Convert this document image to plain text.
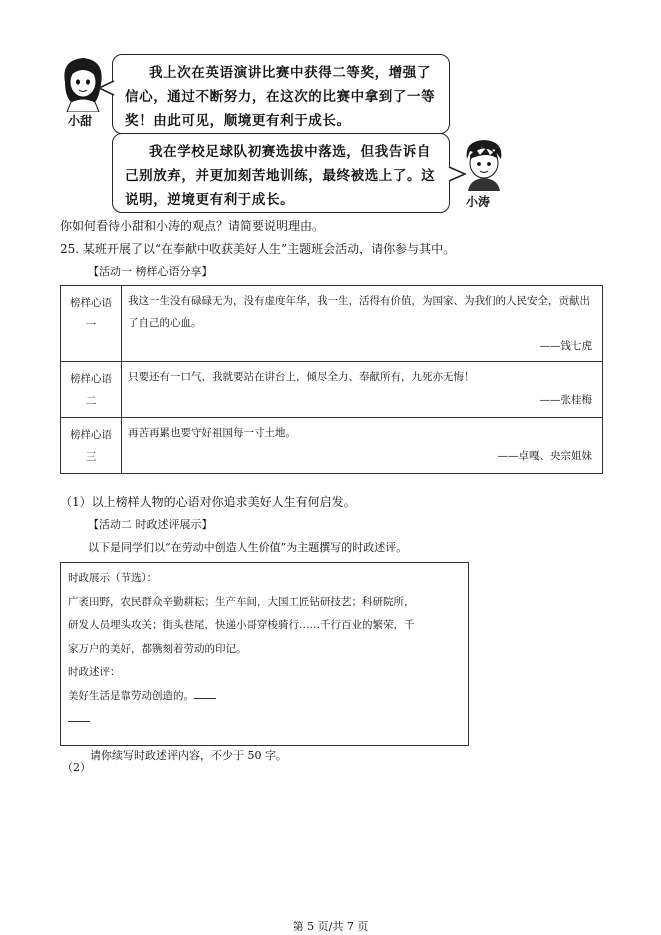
小甜
我上次在英语演讲比赛中获得二等奖，增强了信心，通过不断努力，在这次的比赛中拿到了一等奖！由此可见，顺境更有利于成长。
我在学校足球队初赛选拔中落选，但我告诉自己别放弃，并更加刻苦地训练，最终被选上了。这说明，逆境更有利于成长。	小涛
你如何看待小甜和小涛的观点？请简要说明理由。
25. 某班开展了以“在奉献中收获美好人生”主题班会活动，请你参与其中。
【活动一 榜样心语分享】
榜样心语一	我这一生没有碌碌无为，没有虚度年华，我一生，活得有价值，为国家、为我们的人民安全，贡献出了自己的心血。
——钱七虎

榜样心语二	只要还有一口气，我就要站在讲台上，倾尽全力、奉献所有，九死亦无悔！
——张桂梅

榜样心语三	再苦再累也要守好祖国每一寸土地。
——卓嘎、央宗姐妹
（1）以上榜样人物的心语对你追求美好人生有何启发。
【活动二 时政述评展示】
以下是同学们以“在劳动中创造人生价值”为主题撰写的时政述评。
时政展示（节选）：
广袤田野，农民群众辛勤耕耘；生产车间，大国工匠钻研技艺；科研院所，
研发人员埋头攻关；街头巷尾，快递小哥穿梭骑行……千行百业的繁荣，千
家万户的美好，都镌刻着劳动的印记。
时政述评：
美好生活是靠劳动创造的。
请你续写时政述评内容，不少于 50 字。
（2）
第 5 页/共 7 页
